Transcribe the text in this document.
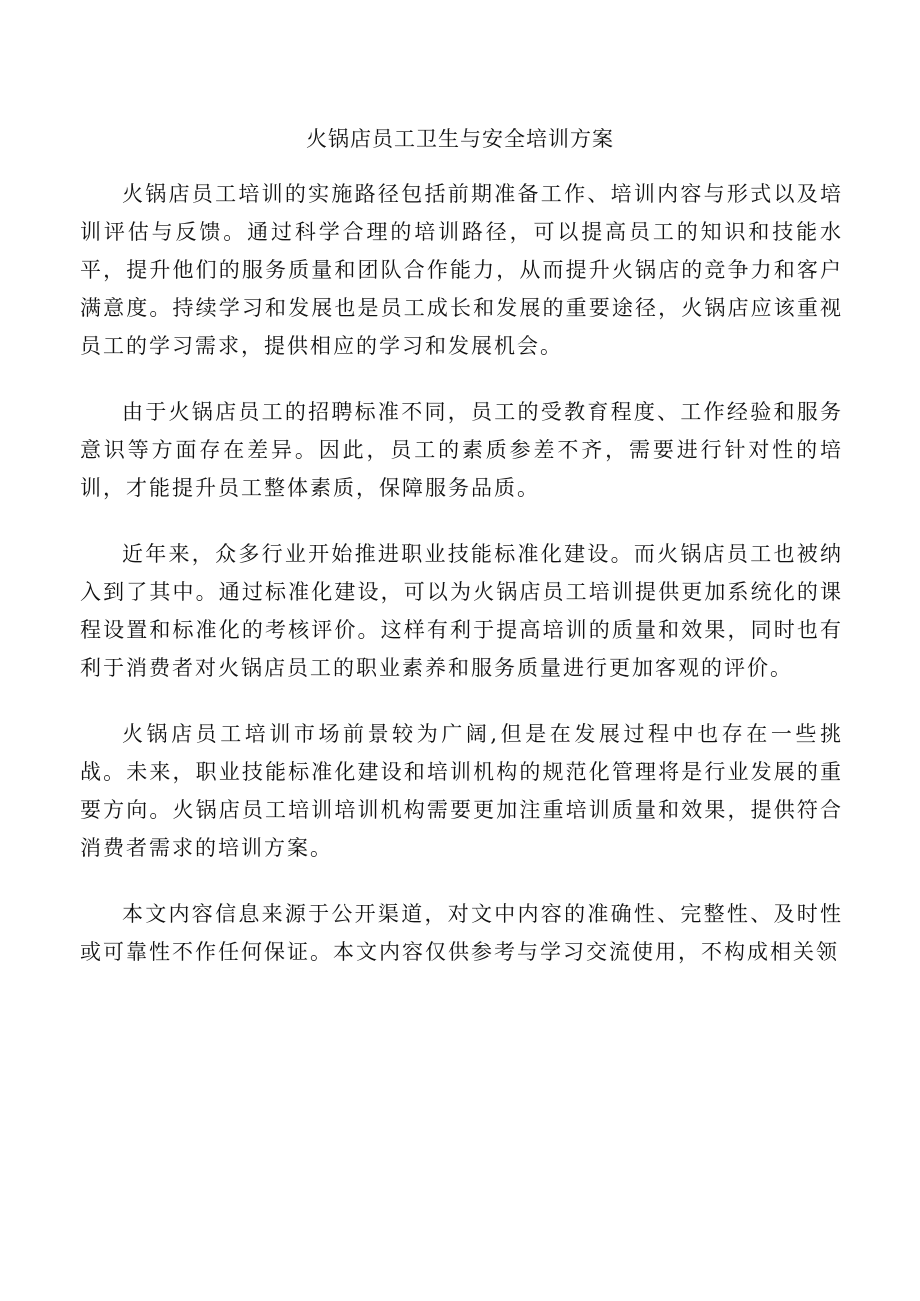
火锅店员工卫生与安全培训方案

火锅店员工培训的实施路径包括前期准备工作、培训内容与形式以及培训评估与反馈。通过科学合理的培训路径，可以提高员工的知识和技能水平，提升他们的服务质量和团队合作能力，从而提升火锅店的竞争力和客户满意度。持续学习和发展也是员工成长和发展的重要途径，火锅店应该重视员工的学习需求，提供相应的学习和发展机会。

由于火锅店员工的招聘标准不同，员工的受教育程度、工作经验和服务意识等方面存在差异。因此，员工的素质参差不齐，需要进行针对性的培训，才能提升员工整体素质，保障服务品质。

近年来，众多行业开始推进职业技能标准化建设。而火锅店员工也被纳入到了其中。通过标准化建设，可以为火锅店员工培训提供更加系统化的课程设置和标准化的考核评价。这样有利于提高培训的质量和效果，同时也有利于消费者对火锅店员工的职业素养和服务质量进行更加客观的评价。

火锅店员工培训市场前景较为广阔,但是在发展过程中也存在一些挑战。未来，职业技能标准化建设和培训机构的规范化管理将是行业发展的重要方向。火锅店员工培训培训机构需要更加注重培训质量和效果，提供符合消费者需求的培训方案。

本文内容信息来源于公开渠道，对文中内容的准确性、完整性、及时性或可靠性不作任何保证。本文内容仅供参考与学习交流使用，不构成相关领
